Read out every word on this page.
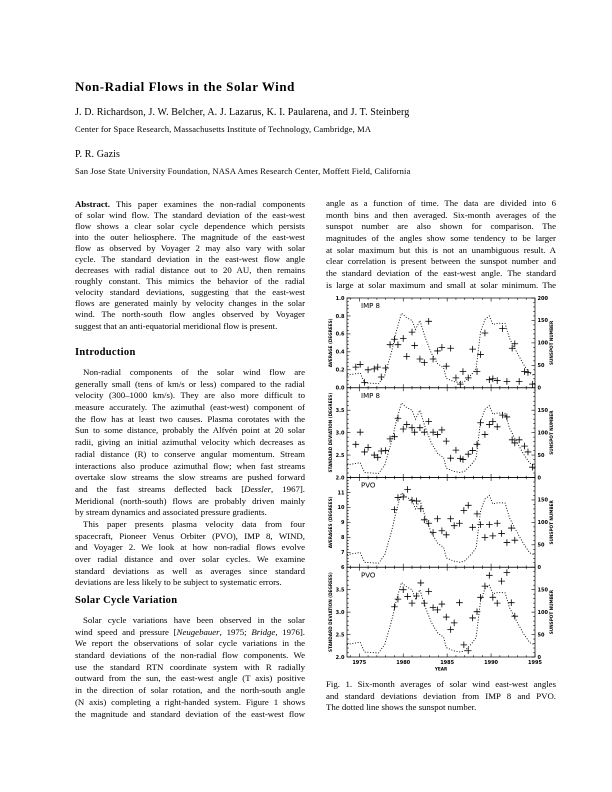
Non-Radial Flows in the Solar Wind
J. D. Richardson, J. W. Belcher, A. J. Lazarus, K. I. Paularena, and J. T. Steinberg
Center for Space Research, Massachusetts Institute of Technology, Cambridge, MA
P. R. Gazis
San Jose State University Foundation, NASA Ames Research Center, Moffett Field, California
Abstract. This paper examines the non-radial components
of solar wind flow. The standard deviation of the east-west
flow shows a clear solar cycle dependence which persists
into the outer heliosphere. The magnitude of the east-west
flow as observed by Voyager 2 may also vary with solar
cycle. The standard deviation in the east-west flow angle
decreases with radial distance out to 20 AU, then remains
roughly constant. This mimics the behavior of the radial
velocity standard deviations, suggesting that the east-west
flows are generated mainly by velocity changes in the solar
wind. The north-south flow angles observed by Voyager
suggest that an anti-equatorial meridional flow is present.
Introduction
Non-radial components of the solar wind flow are
generally small (tens of km/s or less) compared to the radial
velocity (300–1000 km/s). They are also more difficult to
measure accurately. The azimuthal (east-west) component of
the flow has at least two causes. Plasma corotates with the
Sun to some distance, probably the Alfvén point at 20 solar
radii, giving an initial azimuthal velocity which decreases as
radial distance (R) to conserve angular momentum. Stream
interactions also produce azimuthal flow; when fast streams
overtake slow streams the slow streams are pushed forward
and the fast streams deflected back [Dessler, 1967].
Meridional (north-south) flows are probably driven mainly
by stream dynamics and associated pressure gradients.
This paper presents plasma velocity data from four
spacecraft, Pioneer Venus Orbiter (PVO), IMP 8, WIND,
and Voyager 2. We look at how non-radial flows evolve
over radial distance and over solar cycles. We examine
standard deviations as well as averages since standard
deviations are less likely to be subject to systematic errors.
Solar Cycle Variation
Solar cycle variations have been observed in the solar
wind speed and pressure [Neugebauer, 1975; Bridge, 1976].
We report the observations of solar cycle variations in the
standard deviations of the non-radial flow components. We
use the standard RTN coordinate system with R radially
outward from the sun, the east-west angle (T axis) positive
in the direction of solar rotation, and the north-south angle
(N axis) completing a right-handed system. Figure 1 shows
the magnitude and standard deviation of the east-west flow
angle as a function of time. The data are divided into 6
month bins and then averaged. Six-month averages of the
sunspot number are also shown for comparison. The
magnitudes of the angles show some tendency to be larger
at solar maximum but this is not an unambiguous result. A
clear correlation is present between the sunspot number and
the standard deviation of the east-west angle. The standard
is large at solar maximum and small at solar minimum. The
0.0
0.2
0.4
0.6
0.8
1.0
0
50
100
150
200
AVERAGE (DEGREES)	SUNSPOT NUMBER
IMP 8
2.0
2.5
3.0
3.5
0
50
100
150
STANDARD DEVIATION (DEGREES)	SUNSPOT NUMBER
IMP 8
6
7
8
9
10
11
0
50
100
150
AVERAGES (DEGREES)	SUNSPOT NUMBER
PVO
2.0
2.5
3.0
3.5
0
50
100
150
STANDARD DEVIATION (DEGREES)	SUNSPOT NUMBER
PVO
1975	1980	1985	1990	1995
YEAR
Fig. 1. Six-month averages of solar wind east-west angles
and standard deviations deviation from IMP 8 and PVO.
The dotted line shows the sunspot number.
